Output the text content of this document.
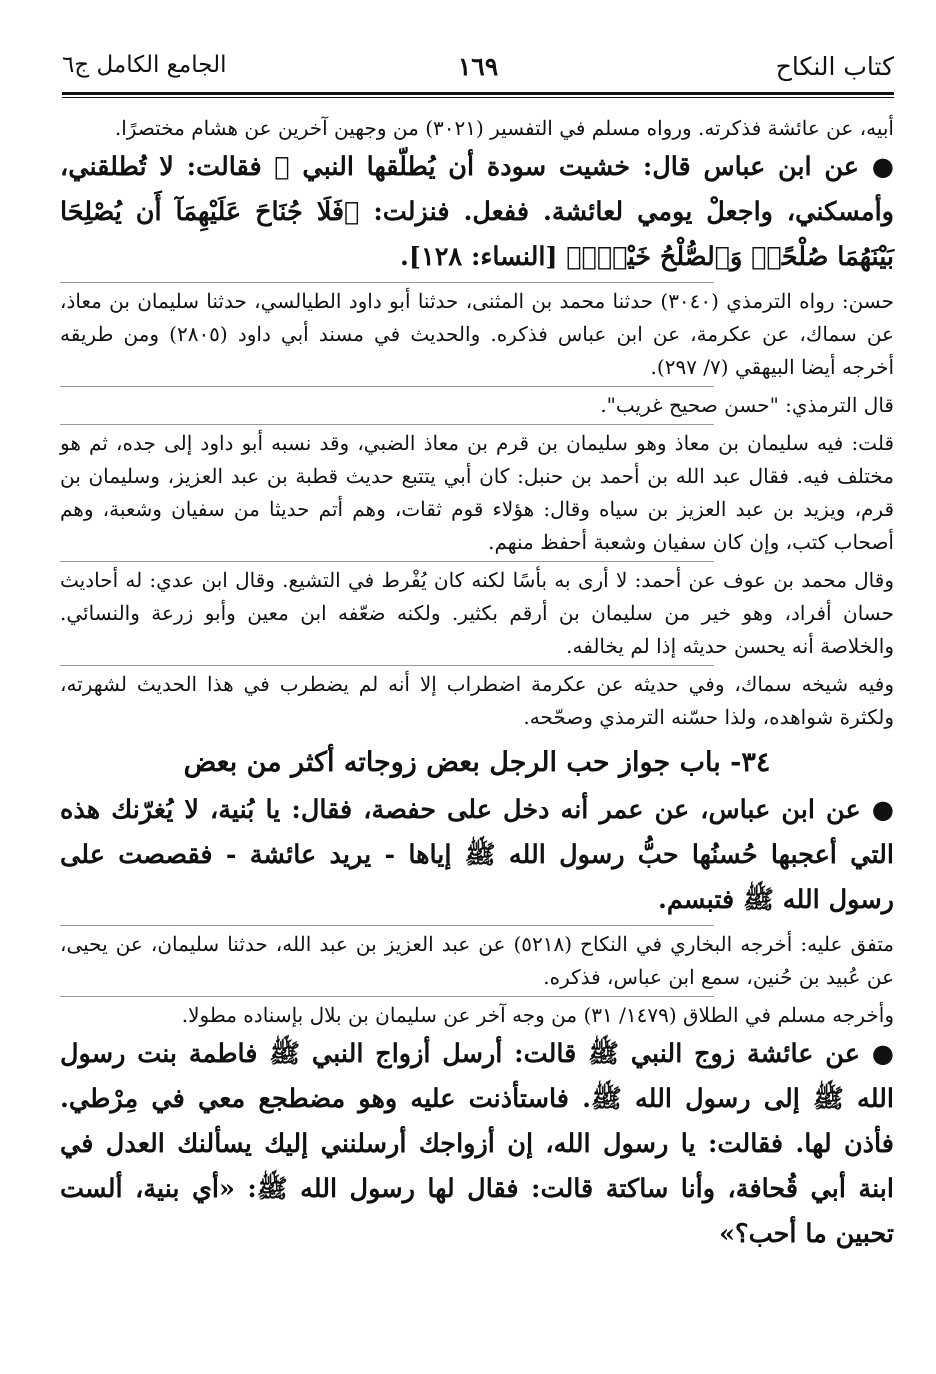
كتاب النكاح
١٦٩
الجامع الكامل ج٦

أبيه، عن عائشة فذكرته. ورواه مسلم في التفسير (٣٠٢١) من وجهين آخرين عن هشام مختصرًا.

● عن ابن عباس قال: خشيت سودة أن يُطلّقها النبي ﷺ فقالت: لا تُطلقني، وأمسكني، واجعلْ يومي لعائشة. ففعل. فنزلت: ﴿فَلَا جُنَاحَ عَلَيْهِمَآ أَن يُصْلِحَا بَيْنَهُمَا صُلْحًاۚ وَٱلصُّلْحُ خَيْرٌۗ﴾ [النساء: ١٢٨].

حسن: رواه الترمذي (٣٠٤٠) حدثنا محمد بن المثنى، حدثنا أبو داود الطيالسي، حدثنا سليمان بن معاذ، عن سماك، عن عكرمة، عن ابن عباس فذكره. والحديث في مسند أبي داود (٢٨٠٥) ومن طريقه أخرجه أيضا البيهقي (٧/ ٢٩٧).

قال الترمذي: "حسن صحيح غريب".

قلت: فيه سليمان بن معاذ وهو سليمان بن قرم بن معاذ الضبي، وقد نسبه أبو داود إلى جده، ثم هو مختلف فيه. فقال عبد الله بن أحمد بن حنبل: كان أبي يتتبع حديث قطبة بن عبد العزيز، وسليمان بن قرم، ويزيد بن عبد العزيز بن سياه وقال: هؤلاء قوم ثقات، وهم أتم حديثا من سفيان وشعبة، وهم أصحاب كتب، وإن كان سفيان وشعبة أحفظ منهم.

وقال محمد بن عوف عن أحمد: لا أرى به بأسًا لكنه كان يُفْرط في التشيع. وقال ابن عدي: له أحاديث حسان أفراد، وهو خير من سليمان بن أرقم بكثير. ولكنه ضعّفه ابن معين وأبو زرعة والنسائي. والخلاصة أنه يحسن حديثه إذا لم يخالفه.

وفيه شيخه سماك، وفي حديثه عن عكرمة اضطراب إلا أنه لم يضطرب في هذا الحديث لشهرته، ولكثرة شواهده، ولذا حسّنه الترمذي وصحّحه.

٣٤- باب جواز حب الرجل بعض زوجاته أكثر من بعض

● عن ابن عباس، عن عمر أنه دخل على حفصة، فقال: يا بُنية، لا يُغرّنك هذه التي أعجبها حُسنُها حبُّ رسول الله ﷺ إياها - يريد عائشة - فقصصت على رسول الله ﷺ فتبسم.

متفق عليه: أخرجه البخاري في النكاح (٥٢١٨) عن عبد العزيز بن عبد الله، حدثنا سليمان، عن يحيى، عن عُبيد بن حُنين، سمع ابن عباس، فذكره.

وأخرجه مسلم في الطلاق (١٤٧٩/ ٣١) من وجه آخر عن سليمان بن بلال بإسناده مطولا.

● عن عائشة زوج النبي ﷺ قالت: أرسل أزواج النبي ﷺ فاطمة بنت رسول الله ﷺ إلى رسول الله ﷺ. فاستأذنت عليه وهو مضطجع معي في مِرْطي. فأذن لها. فقالت: يا رسول الله، إن أزواجك أرسلنني إليك يسألنك العدل في ابنة أبي قُحافة، وأنا ساكتة قالت: فقال لها رسول الله ﷺ: «أي بنية، ألست تحبين ما أحب؟»
